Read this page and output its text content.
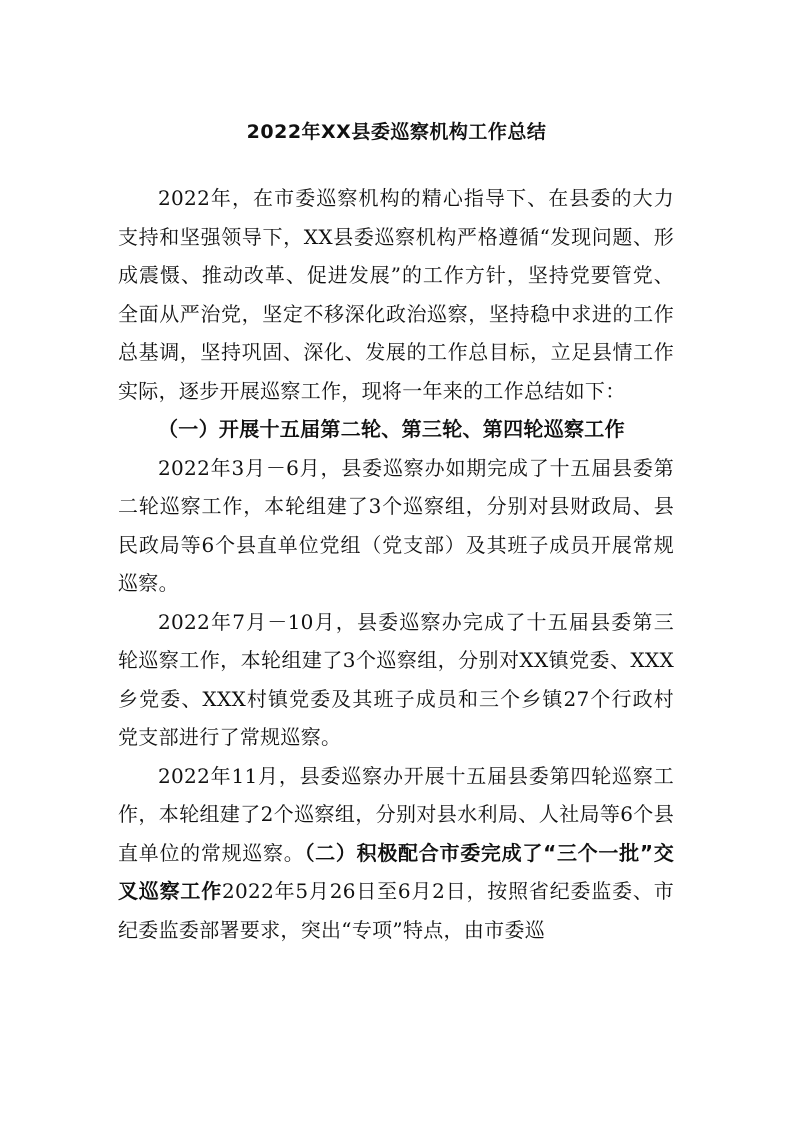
2022年XX县委巡察机构工作总结

2022年，在市委巡察机构的精心指导下、在县委的大力支持和坚强领导下，XX县委巡察机构严格遵循“发现问题、形成震慑、推动改革、促进发展”的工作方针，坚持党要管党、全面从严治党，坚定不移深化政治巡察，坚持稳中求进的工作总基调，坚持巩固、深化、发展的工作总目标，立足县情工作实际，逐步开展巡察工作，现将一年来的工作总结如下：

（一）开展十五届第二轮、第三轮、第四轮巡察工作

2022年3月－6月，县委巡察办如期完成了十五届县委第二轮巡察工作，本轮组建了3个巡察组，分别对县财政局、县民政局等6个县直单位党组（党支部）及其班子成员开展常规巡察。

2022年7月－10月，县委巡察办完成了十五届县委第三轮巡察工作，本轮组建了3个巡察组，分别对XX镇党委、XXX乡党委、XXX村镇党委及其班子成员和三个乡镇27个行政村党支部进行了常规巡察。

2022年11月，县委巡察办开展十五届县委第四轮巡察工作，本轮组建了2个巡察组，分别对县水利局、人社局等6个县直单位的常规巡察。（二）积极配合市委完成了“三个一批”交叉巡察工作2022年5月26日至6月2日，按照省纪委监委、市纪委监委部署要求，突出“专项”特点，由市委巡
